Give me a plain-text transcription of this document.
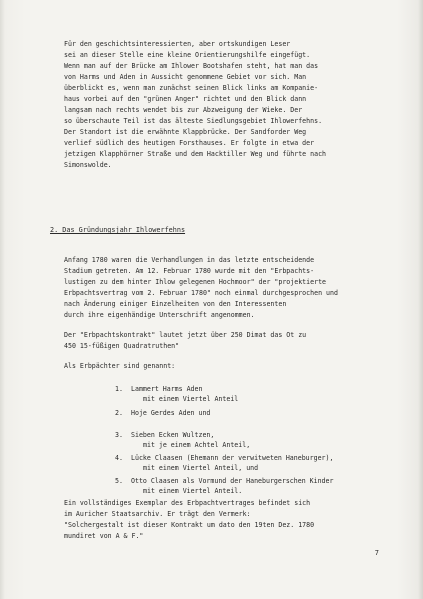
Für den geschichtsinteressierten, aber ortskundigen Leser
sei an dieser Stelle eine kleine Orientierungshilfe eingefügt.
Wenn man auf der Brücke am Ihlower Bootshafen steht, hat man das
von Harms und Aden in Aussicht genommene Gebiet vor sich. Man
überblickt es, wenn man zunächst seinen Blick links am Kompanie-
haus vorbei auf den "grünen Anger" richtet und den Blick dann
langsam nach rechts wendet bis zur Abzweigung der Wieke. Der
so überschaute Teil ist das älteste Siedlungsgebiet Ihlowerfehns.
Der Standort ist die erwähnte Klappbrücke. Der Sandforder Weg
verlief südlich des heutigen Forsthauses. Er folgte in etwa der
jetzigen Klapphörner Straße und dem Hacktiller Weg und führte nach
Simonswolde.
2. Das Gründungsjahr Ihlowerfehns
Anfang 1780 waren die Verhandlungen in das letzte entscheidende
Stadium getreten. Am 12. Februar 1780 wurde mit den "Erbpachts-
lustigen zu dem hinter Ihlow gelegenen Hochmoor" der "projektierte
Erbpachtsvertrag vom 2. Februar 1780" noch einmal durchgesprochen und
nach Änderung einiger Einzelheiten von den Interessenten
durch ihre eigenhändige Unterschrift angenommen.
Der "Erbpachtskontrakt" lautet jetzt über 250 Dimat das Ot zu
450 15-füßigen Quadratruthen"
Als Erbpächter sind genannt:
1. Lammert Harms Aden
mit einem Viertel Anteil
2. Hoje Gerdes Aden und
3. Sieben Ecken Wultzen,
mit je einem Achtel Anteil,
4. Lücke Claasen (Ehemann der verwitweten Haneburger),
mit einem Viertel Anteil, und
5. Otto Claasen als Vormund der Haneburgerschen Kinder
mit einem Viertel Anteil.
Ein vollständiges Exemplar des Erbpachtvertrages befindet sich
im Auricher Staatsarchiv. Er trägt den Vermerk:
"Solchergestalt ist dieser Kontrakt um dato den 19ten Dez. 1780
mundiret von A & F."
7
